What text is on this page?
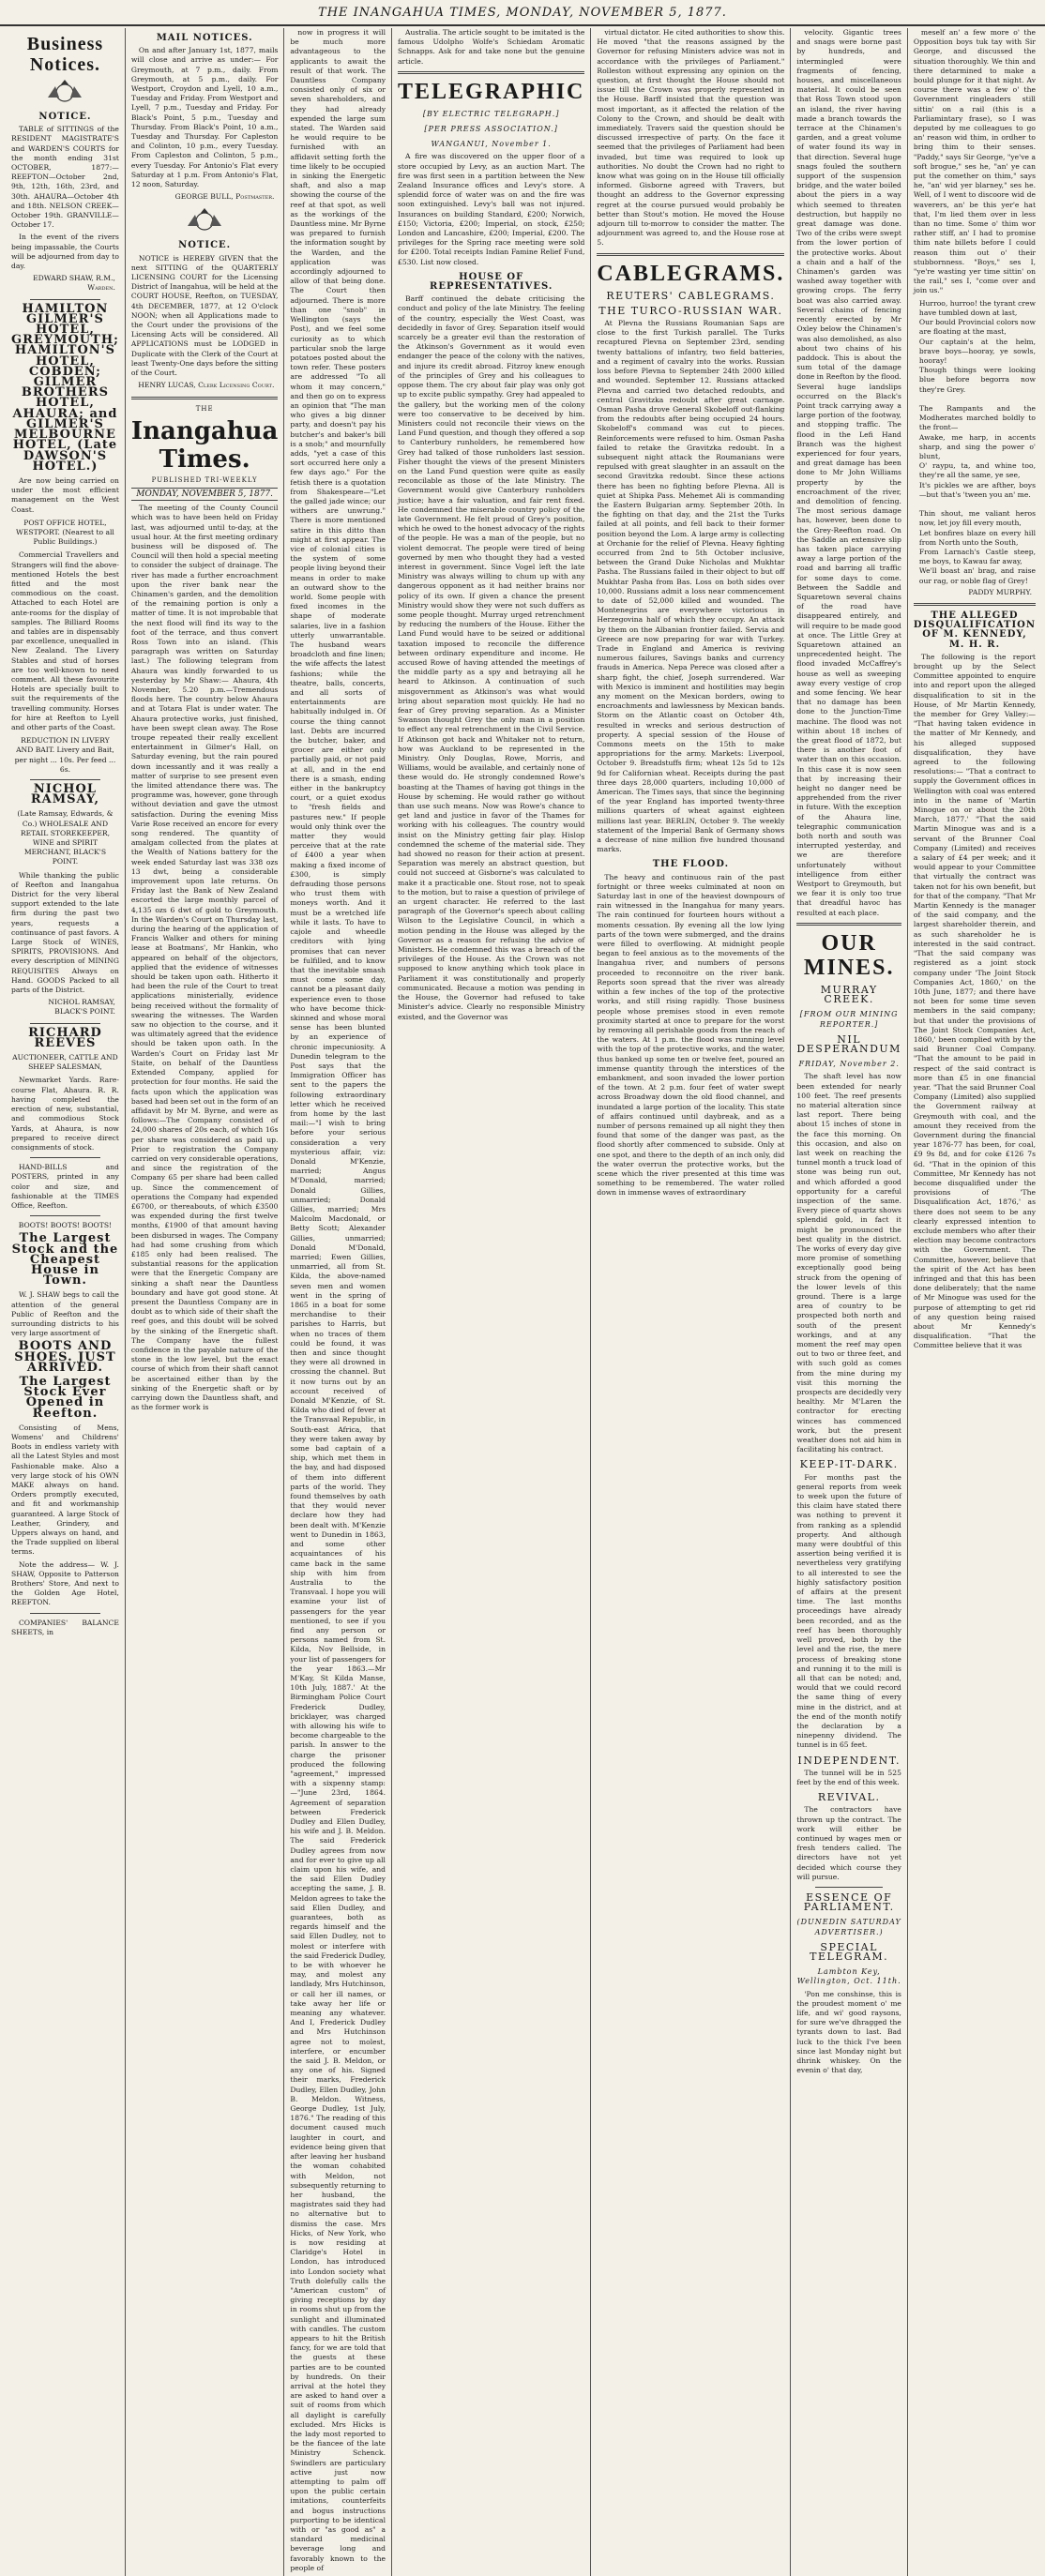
THE INANGAHUA TIMES, MONDAY, NOVEMBER 5, 1877.
Business Notices.
NOTICE.

TABLE of SITTINGS of the RESIDENT MAGISTRATE'S and WARDEN'S COURTS for the month ending 31st OCTOBER, 1877:— REEFTON—October 2nd, 9th, 12th, 16th, 23rd, and 30th. AHAURA—October 4th and 18th. NELSON CREEK—October 19th. GRANVILLE—October 17.

In the event of the rivers being impassable, the Courts will be adjourned from day to day.

EDWARD SHAW, R.M., Warden.

HAMILTON GILMER'S HOTEL, GREYMOUTH; HAMILTON'S HOTEL, COBDEN; GILMER BROTHERS HOTEL, AHAURA; and GILMER'S MELBOURNE HOTEL, (Late DAWSON'S HOTEL.)

Are now being carried on under the most efficient management on the West Coast.

POST OFFICE HOTEL, WESTPORT. (Nearest to all Public Buildings.)

Commercial Travellers and Strangers will find the above-mentioned Hotels the best fitted and the most commodious on the coast. Attached to each Hotel are ante-rooms for the display of samples. The Billiard Rooms and tables are in dispensably par excellence, unequalled in New Zealand. The Livery Stables and stud of horses are too well-known to need comment. All these favourite Hotels are specially built to suit the requirements of the travelling community. Horses for hire at Reefton to Lyell and other parts of the Coast.

REDUCTION IN LIVERY AND BAIT. Livery and Bait, per night ... 10s. Per feed ... 6s.

NICHOL RAMSAY,

(Late Ramsay, Edwards, & Co.) WHOLESALE AND RETAIL STOREKEEPER, WINE and SPIRIT MERCHANT, BLACK'S POINT.

While thanking the public of Reefton and Inangahua District for the very liberal support extended to the late firm during the past two years, requests a continuance of past favors. A Large Stock of WINES, SPIRITS, PROVISIONS. And every description of MINING REQUISITES Always on Hand. GOODS Packed to all parts of the District.

NICHOL RAMSAY, BLACK'S POINT.

RICHARD REEVES

AUCTIONEER, CATTLE AND SHEEP SALESMAN,

Newmarket Yards. Rare-course Flat, Ahaura. R. R. having completed the erection of new, substantial, and commodious Stock Yards, at Ahaura, is now prepared to receive direct consignments of stock.

HAND-BILLS and POSTERS, printed in any color and size, and fashionable at the TIMES Office, Reefton.

BOOTS! BOOTS! BOOTS!

The Largest Stock and the Cheapest House in Town.

W. J. SHAW begs to call the attention of the general Public of Reefton and the surrounding districts to his very large assortment of

BOOTS AND SHOES. JUST ARRIVED.

The Largest Stock Ever Opened in Reefton.

Consisting of Mens, Womens' and Childrens' Boots in endless variety with all the Latest Styles and most Fashionable make. Also a very large stock of his OWN MAKE always on hand. Orders promptly executed, and fit and workmanship guaranteed. A large Stock of Leather, Grindery, and Uppers always on hand, and the Trade supplied on liberal terms.

Note the address— W. J. SHAW, Opposite to Patterson Brothers' Store, And next to the Golden Age Hotel, REEFTON.

COMPANIES' BALANCE SHEETS, in

MAIL NOTICES.

On and after January 1st, 1877, mails will close and arrive as under:— For Greymouth, at 7 p.m., daily. From Greymouth, at 5 p.m., daily. For Westport, Croydon and Lyell, 10 a.m., Tuesday and Friday. From Westport and Lyell, 7 p.m., Tuesday and Friday. For Black's Point, 5 p.m., Tuesday and Thursday. From Black's Point, 10 a.m., Tuesday and Thursday. For Capleston and Colinton, 10 p.m., every Tuesday. From Capleston and Colinton, 5 p.m., every Tuesday. For Antonio's Flat every Saturday at 1 p.m. From Antonio's Flat, 12 noon, Saturday.

GEORGE BULL, Postmaster.

NOTICE.

NOTICE is HEREBY GIVEN that the next SITTING of the QUARTERLY LICENSING COURT for the Licensing District of Inangahua, will be held at the COURT HOUSE, Reefton, on TUESDAY, 4th DECEMBER, 1877, at 12 O'clock NOON; when all Applications made to the Court under the provisions of the Licensing Acts will be considered. All APPLICATIONS must be LODGED in Duplicate with the Clerk of the Court at least Twenty-One days before the sitting of the Court.

HENRY LUCAS, Clerk Licensing Court.

THE
Inangahua Times.
PUBLISHED TRI-WEEKLY
MONDAY, NOVEMBER 5, 1877.

The meeting of the County Council which was to have been held on Friday last, was adjourned until to-day, at the usual hour. At the first meeting ordinary business will be disposed of. The Council will then hold a special meeting to consider the subject of drainage. The river has made a further encroachment upon the river bank near the Chinamen's garden, and the demolition of the remaining portion is only a matter of time. It is not improbable that the next flood will find its way to the foot of the terrace, and thus convert Ross Town into an island. (This paragraph was written on Saturday last.) The following telegram from Ahaura was kindly forwarded to us yesterday by Mr Shaw:— Ahaura, 4th November, 5.20 p.m.—Tremendous floods here. The country below Ahaura and at Totara Flat is under water. The Ahaura protective works, just finished, have been swept clean away. The Rose troupe repeated their really excellent entertainment in Gilmer's Hall, on Saturday evening, but the rain poured down incessantly and it was really a matter of surprise to see present even the limited attendance there was. The programme was, however, gone through without deviation and gave the utmost satisfaction. During the evening Miss Varie Rose received an encore for every song rendered. The quantity of amalgam collected from the plates at the Wealth of Nations battery for the week ended Saturday last was 338 ozs 13 dwt, being a considerable improvement upon late returns. On Friday last the Bank of New Zealand escorted the large monthly parcel of 4,135 ozs 6 dwt of gold to Greymouth. In the Warden's Court on Thursday last, during the hearing of the application of Francis Walker and others for mining lease at Boatmans', Mr Hankin, who appeared on behalf of the objectors, applied that the evidence of witnesses should be taken upon oath. Hitherto it had been the rule of the Court to treat applications ministerially, evidence being received without the formality of swearing the witnesses. The Warden saw no objection to the course, and it was ultimately agreed that the evidence should be taken upon oath. In the Warden's Court on Friday last Mr Staite, on behalf of the Dauntless Extended Company, applied for protection for four months. He said the facts upon which the application was based had been set out in the form of an affidavit by Mr M. Byrne, and were as follows:—The Company consisted of 24,000 shares of 20s each, of which 16s per share was considered as paid up. Prior to registration the Company carried on very considerable operations, and since the registration of the Company 65 per share had been called up. Since the commencement of operations the Company had expended £6700, or thereabouts, of which £3500 was expended during the first twelve months, £1900 of that amount having been disbursed in wages. The Company had had some crushing from which £185 only had been realised. The substantial reasons for the application were that the Energetic Company are sinking a shaft near the Dauntless boundary and have got good stone. At present the Dauntless Company are in doubt as to which side of their shaft the reef goes, and this doubt will be solved by the sinking of the Energetic shaft. The Company have the fullest confidence in the payable nature of the stone in the low level, but the exact course of which from their shaft cannot be ascertained either than by the sinking of the Energetic shaft or by carrying down the Dauntless shaft, and as the former work is

now in progress it will be much more advantageous to the applicants to await the result of that work. The Dauntless Company consisted only of six or seven shareholders, and they had already expended the large sum stated. The Warden said he would require to be furnished with an affidavit setting forth the time likely to be occupied in sinking the Energetic shaft, and also a map showing the course of the reef at that spot, as well as the workings of the Dauntless mine. Mr Byrne was prepared to furnish the information sought by the Warden, and the application was accordingly adjourned to allow of that being done. The Court then adjourned. There is more than one "snob" in Wellington (says the Post), and we feel some curiosity as to which particular snob the large potatoes posted about the town refer. These posters are addressed "To all whom it may concern," and then go on to express an opinion that "The man who gives a big dinner party, and doesn't pay his butcher's and baker's bill is a snob;" and mournfully adds, "yet a case of this sort occurred here only a few days ago." For the fetish there is a quotation from Shakespeare—"Let the galled jade wince; our withers are unwrung." There is more mentioned satire in this ditto than might at first appear. The vice of colonial cities is the system of some people living beyond their means in order to make an outward show to the world. Some people with fixed incomes in the shape of moderate salaries, live in a fashion utterly unwarrantable. The husband wears broadcloth and fine linen; the wife affects the latest fashions; while the theatre, balls, concerts, and all sorts of entertainments are habitually indulged in. Of course the thing cannot last. Debts are incurred the butcher, baker, and grocer are either only partially paid, or not paid at all, and in the end there is a smash, ending either in the bankruptcy court, or a quiet exodus to "fresh fields and pastures new." If people would only think over the matter they would perceive that at the rate of £400 a year when making a fixed income of £300, is simply defrauding those persons who trust them with moneys worth. And it must be a wretched life while it lasts. To have to cajole and wheedle creditors with lying promises that can never be fulfilled, and to know that the inevitable smash must come some day, cannot be a pleasant daily experience even to those who have become thick-skinned and whose moral sense has been blunted by an experience of chronic impecuniosity. A Dunedin telegram to the Post says that the Immigration Officer has sent to the papers the following extraordinary letter which he received from home by the last mail:—"I wish to bring before your serious consideration a very mysterious affair, viz: Donald M'Kenzie, married; Angus M'Donald, married; Donald Gillies, unmarried; Donald Gillies, married; Mrs Malcolm Macdonald, or Betty Scott; Alexander Gillies, unmarried; Donald M'Donald, married; Ewen Gillies, unmarried, all from St. Kilda, the above-named seven men and women went in the spring of 1865 in a boat for some merchandise to their parishes to Harris, but when no traces of them could be found, it was then and since thought they were all drowned in crossing the channel. But it now turns out by an account received of Donald M'Kenzie, of St. Kilda who died of fever at the Transvaal Republic, in South-east Africa, that they were taken away by some bad captain of a ship, which met them in the bay, and had disposed of them into different parts of the world. They found themselves by oath that they would never declare how they had been dealt with. M'Kenzie went to Dunedin in 1863, and some other acquaintances of his came back in the same ship with him from Australia to the Transvaal. I hope you will examine your list of passengers for the year mentioned, to see if you find any person or persons named from St. Kilda, Nov Bellside, in your list of passengers for the year 1863.—Mr M'Kay, St Kilda Manse, 10th July, 1887.' At the Birmingham Police Court Frederick Dudley, bricklayer, was charged with allowing his wife to become chargeable to the parish. In answer to the charge the prisoner produced the following "agreement," impressed with a sixpenny stamp:—"June 23rd, 1864. Agreement of separation between Frederick Dudley and Ellen Dudley, his wife and J. B. Meldon. The said Frederick Dudley agrees from now and for ever to give up all claim upon his wife, and the said Ellen Dudley accepting the same, J. B. Meldon agrees to take the said Ellen Dudley, and guarantees, both as regards himself and the said Ellen Dudley, not to molest or interfere with the said Frederick Dudley, to be with whoever he may, and molest any landlady, Mrs Hutchinson, or call her ill names, or take away her life or meaning any whatever. And I, Frederick Dudley and Mrs Hutchinson agree not to molest, interfere, or encumber the said J. B. Meldon, or any one of his. Signed their marks, Frederick Dudley, Ellen Dudley, John B. Meldon. Witness, George Dudley, 1st July, 1876." The reading of this document caused much laughter in court, and evidence being given that after leaving her husband the woman cohabited with Meldon, not subsequently returning to her husband, the magistrates said they had no alternative but to dismiss the case. Mrs Hicks, of New York, who is now residing at Claridge's Hotel in London, has introduced into London society what Truth dolefully calls the "American custom" of giving receptions by day in rooms shut up from the sunlight and illuminated with candles. The custom appears to hit the British fancy, for we are told that the guests at these parties are to be counted by hundreds. On their arrival at the hotel they are asked to hand over a suit of rooms from which all daylight is carefully excluded. Mrs Hicks is the lady most reported to be the fiancee of the late Ministry Schenck. Swindlers are particulary active just now attempting to palm off upon the public certain imitations, counterfeits and bogus instructions purporting to be identical with or "as good as" a standard medicinal beverage long and favorably known to the people of

Australia. The article sought to be imitated is the famous Udolpho Wolfe's Schiedam Aromatic Schnapps. Ask for and take none but the genuine article.

TELEGRAPHIC
[BY ELECTRIC TELEGRAPH.]
[PER PRESS ASSOCIATION.]
WANGANUI, November 1.

A fire was discovered on the upper floor of a store occupied by Levy, as an auction Mart. The fire was first seen in a partition between the New Zealand Insurance offices and Levy's store. A splendid force of water was on and the fire was soon extinguished. Levy's ball was not injured. Insurances on building Standard, £200; Norwich, £150; Victoria, £200; Imperial, on stock, £250; London and Lancashire, £200; Imperial, £200. The privileges for the Spring race meeting were sold for £200. Total receipts Indian Famine Relief Fund, £530. List now closed.

HOUSE OF REPRESENTATIVES.

Barff continued the debate criticising the conduct and policy of the late Ministry. The feeling of the country, especially the West Coast, was decidedly in favor of Grey. Separation itself would scarcely be a greater evil than the restoration of the Atkinson's Government as it would even endanger the peace of the colony with the natives, and injure its credit abroad. Fitzroy knew enough of the principles of Grey and his colleagues to oppose them. The cry about fair play was only got up to excite public sympathy. Grey had appealed to the gallery, but the working men of the colony were too conservative to be deceived by him. Ministers could not reconcile their views on the Land Fund question, and though they offered a sop to Canterbury runholders, he remembered how Grey had talked of those runholders last session. Fisher thought the views of the present Ministers on the Land Fund question were quite as easily reconcilable as those of the late Ministry. The Government would give Canterbury runholders justice; have a fair valuation, and fair rent fixed. He condemned the miserable country policy of the late Government. He felt proud of Grey's position, which he owed to the honest advocacy of the rights of the people. He was a man of the people, but no violent democrat. The people were tired of being governed by men who thought they had a vested interest in government. Since Vogel left the late Ministry was always willing to chum up with any dangerous opponent as it had neither brains nor policy of its own. If given a chance the present Ministry would show they were not such duffers as some people thought. Murray urged retrenchment by reducing the numbers of the House. Either the Land Fund would have to be seized or additional taxation imposed to reconcile the difference between ordinary expenditure and income. He accused Rowe of having attended the meetings of the middle party as a spy and betraying all he heard to Atkinson. A continuation of such misgovernment as Atkinson's was what would bring about separation most quickly. He had no fear of Grey proving separation. As a Minister Swanson thought Grey the only man in a position to effect any real retrenchment in the Civil Service. If Atkinson got back and Whitaker not to return, how was Auckland to be represented in the Ministry. Only Douglas, Rowe, Morris, and Williams, would be available, and certainly none of these would do. He strongly condemned Rowe's boasting at the Thames of having got things in the House by scheming. He would rather go without than use such means. Now was Rowe's chance to get land and justice in favor of the Thames for working with his colleagues. The country would insist on the Ministry getting fair play. Hislop condemned the scheme of the material side. They had showed no reason for their action at present. Separation was merely an abstract question, but could not succeed at Gisborne's was calculated to make it a practicable one. Stout rose, not to speak to the motion, but to raise a question of privilege of an urgent character. He referred to the last paragraph of the Governor's speech about calling Wilson to the Legislative Council, in which a motion pending in the House was alleged by the Governor as a reason for refusing the advice of Ministers. He condemned this was a breach of the privileges of the House. As the Crown was not supposed to know anything which took place in Parliament it was constitutionally and properly communicated. Because a motion was pending in the House, the Governor had refused to take Minister's advice. Clearly no responsible Ministry existed, and the Governor was

virtual dictator. He cited authorities to show this. He moved "that the reasons assigned by the Governor for refusing Ministers advice was not in accordance with the privileges of Parliament." Rolleston without expressing any opinion on the question, at first thought the House should not issue till the Crown was properly represented in the House. Barff insisted that the question was most important, as it affected the relation of the Colony to the Crown, and should be dealt with immediately. Travers said the question should be discussed irrespective of party. On the face it seemed that the privileges of Parliament had been invaded, but time was required to look up authorities. No doubt the Crown had no right to know what was going on in the House till officially informed. Gisborne agreed with Travers, but thought an address to the Governor expressing regret at the course pursued would probably be better than Stout's motion. He moved the House adjourn till to-morrow to consider the matter. The adjournment was agreed to, and the House rose at 5.

CABLEGRAMS.
REUTERS' CABLEGRAMS.
THE TURCO-RUSSIAN WAR.

At Plevna the Russians Roumanian Saps are close to the first Turkish parallel. The Turks recaptured Plevna on September 23rd, sending twenty battalions of infantry, two field batteries, and a regiment of cavalry into the works. Russian loss before Plevna to September 24th 2000 killed and wounded. September 12. Russians attacked Plevna and carried two detached redoubts, and central Gravitzka redoubt after great carnage. Osman Pasha drove General Skobeloff out-flanking from the redoubts after being occupied 24 hours. Skobeloff's command was cut to pieces. Reinforcements were refused to him. Osman Pasha failed to retake the Gravitzka redoubt. In a subsequent night attack the Roumanians were repulsed with great slaughter in an assault on the second Gravitzka redoubt. Since these actions there has been no fighting before Plevna. All is quiet at Shipka Pass. Mehemet Ali is commanding the Eastern Bulgarian army. September 20th. In the fighting on that day, and the 21st the Turks failed at all points, and fell back to their former position beyond the Lom. A large army is collecting at Orchanie for the relief of Plevna. Heavy fighting occurred from 2nd to 5th October inclusive, between the Grand Duke Nicholas and Mukhtar Pasha. The Russians failed in their object to but off Mukhtar Pasha from Bas. Loss on both sides over 10,000. Russians admit a loss near commencement to date of 52,000 killed and wounded. The Montenegrins are everywhere victorious in Herzegovina half of which they occupy. An attack by them on the Albanian frontier failed. Servia and Greece are now preparing for war with Turkey. Trade in England and America is reviving numerous failures, Savings banks and currency frauds in America. Nepa Perece was closed after a sharp fight, the chief, Joseph surrendered. War with Mexico is imminent and hostilities may begin any moment on the Mexican borders, owing to encroachments and lawlessness by Mexican bands. Storm on the Atlantic coast on October 4th, resulted in wrecks and serious destruction of property. A special session of the House of Commons meets on the 15th to make appropriations for the army. Markets: Liverpool, October 9. Breadstuffs firm; wheat 12s 5d to 12s 9d for Californian wheat. Receipts during the past three days 28,000 quarters, including 10,000 of American. The Times says, that since the beginning of the year England has imported twenty-three millions quarters of wheat against eighteen millions last year. BERLIN, October 9. The weekly statement of the Imperial Bank of Germany shows a decrease of nine million five hundred thousand marks.

THE FLOOD.

The heavy and continuous rain of the past fortnight or three weeks culminated at noon on Saturday last in one of the heaviest downpours of rain witnessed in the Inangahua for many years. The rain continued for fourteen hours without a moments cessation. By evening all the low lying parts of the town were submerged, and the drains were filled to overflowing. At midnight people began to feel anxious as to the movements of the Inangahua river, and numbers of persons proceeded to reconnoitre on the river bank. Reports soon spread that the river was already within a few inches of the top of the protective works, and still rising rapidly. Those business people whose premises stood in even remote proximity started at once to prepare for the worst by removing all perishable goods from the reach of the waters. At 1 p.m. the flood was running level with the top of the protective works, and the water, thus banked up some ten or twelve feet, poured an immense quantity through the interstices of the embankment, and soon invaded the lower portion of the town. At 2 p.m. four feet of water swept across Broadway down the old flood channel, and inundated a large portion of the locality. This state of affairs continued until daybreak, and as a number of persons remained up all night they then found that some of the danger was past, as the flood shortly after commenced to subside. Only at one spot, and there to the depth of an inch only, did the water overrun the protective works, but the scene which the river presented at this time was something to be remembered. The water rolled down in immense waves of extraordinary

velocity. Gigantic trees and snags were borne past by hundreds, and intermingled were fragments of fencing, houses, and miscellaneous material. It could be seen that Ross Town stood upon an island, the river having made a branch towards the terrace at the Chinamen's garden, and a great volume of water found its way in that direction. Several huge snags fouled the southern support of the suspension bridge, and the water boiled about the piers in a way which seemed to threaten destruction, but happily no great damage was done. Two of the cribs were swept from the lower portion of the protective works. About a chain and a half of the Chinamen's garden was washed away together with growing crops. The ferry boat was also carried away. Several chains of fencing recently erected by Mr Oxley below the Chinamen's was also demolished, as also about two chains of his paddock. This is about the sum total of the damage done in Reefton by the flood. Several huge landslips occurred on the Black's Point track carrying away a large portion of the footway, and stopping traffic. The flood in the Lefi Hand Branch was the highest experienced for four years, and great damage has been done to Mr John Williams property by the encroachment of the river, and demolition of fencing. The most serious damage has, however, been done to the Grey-Reefton road. On the Saddle an extensive slip has taken place carrying away a large portion of the road and barring all traffic for some days to come. Between the Saddle and Squaretown several chains of the road have disappeared entirely, and will require to be made good at once. The Little Grey at Squaretown attained an unprecedented height. The flood invaded McCaffrey's house as well as sweeping away every vestige of crop and some fencing. We hear that no damage has been done to the Junction-Time machine. The flood was not within about 18 inches of the great flood of 1872, but there is another foot of water than on this occasion. In this case it is now seen that by increasing their height no danger need be apprehended from the river in future. With the exception of the Ahaura line, telegraphic communication both north and south was interrupted yesterday, and we are therefore unfortunately without intelligence from either Westport to Greymouth, but we fear it is only too true that dreadful havoc has resulted at each place.

OUR MINES.
MURRAY CREEK.
[FROM OUR MINING REPORTER.]
NIL DESPERANDUM
FRIDAY, November 2.

The shaft level has now been extended for nearly 100 feet. The reef presents no material alteration since last report. There being about 15 inches of stone in the face this morning. On this occasion, and also on last week on reaching the tunnel month a truck load of stone was being run out, and which afforded a good opportunity for a careful inspection of the same. Every piece of quartz shows splendid gold, in fact it might be pronounced the best quality in the district. The works of every day give more promise of something exceptionally good being struck from the opening of the lower levels of this ground. There is a large area of country to be prospected both north and south of the present workings, and at any moment the reef may open out to two or three feet, and with such gold as comes from the mine during my visit this morning the prospects are decidedly very healthy. Mr M'Laren the contractor for erecting winces has commenced work, but the present weather does not aid him in facilitating his contract.

KEEP-IT-DARK.

For months past the general reports from week to week upon the future of this claim have stated there was nothing to prevent it from ranking as a splendid property. And although many were doubtful of this assertion being verified it is nevertheless very gratifying to all interested to see the highly satisfactory position of affairs at the present time. The last months proceedings have already been recorded, and as the reef has been thoroughly well proved, both by the level and the rise, the mere process of breaking stone and running it to the mill is all that can be noted; and, would that we could record the same thing of every mine in the district, and at the end of the month notify the declaration by a ninepenny dividend. The tunnel is in 65 feet.

INDEPENDENT.

The tunnel will be in 525 feet by the end of this week.

REVIVAL.

The contractors have thrown up the contract. The work will either be continued by wages men or fresh tenders called. The directors have not yet decided which course they will pursue.

ESSENCE OF PARLIAMENT.
(DUNEDIN SATURDAY ADVERTISER.)
SPECIAL TELEGRAM.
Lambton Key, Wellington, Oct. 11th.

'Pon me conshinse, this is the proudest moment o' me life, and wi' good raysons, for sure we've dhragged the tyrants down to last. Bad luck to the thick I've been since last Monday night but dhrink whiskey. On the evenin o' that day,

meself an' a few more o' the Opposition boys tuk tay with Sir George, and discussed the situation thoroughly. We thin and there detarmined to make a bould plunge for it that night. Av course there was a few o' the Government ringleaders still sittin' on a rail (this is a Parliamintary frase), so I was deputed by me colleagues to go an' reason wid thim, in ordher to bring thim to their senses. "Paddy," says Sir George, "ye've a soft brogue," ses he, "an' ye can put the comether on thim," says he, "an' wid yer blarney," ses he. Well, of I went to discoore wid de waverers, an' be this yer'e hat that, I'm lied them over in less than no time. Some o' thim wor rather stiff, an' I had to promise thim nate billets before I could reason thim out o' their stubbornness. "Boys," ses I, "ye're wasting yer time sittin' on the rail," ses I, "come over and join us."

Hurroo, hurroo! the tyrant crew have tumbled down at last,
Our bould Provincial colors now are floating at the mast,
Our captain's at the helm, brave boys—hooray, ye sowls, hooray!
Though things were looking blue before begorra now they're Grey.

The Rampants and the Modherates marched boldly to the front—
Awake, me harp, in accents sharp, and sing the power o' blunt,
O' raypu, ta, and whine too, they're all the same, ye see,
It's pickles we are afther, boys—but that's 'tween you an' me.

Thin shout, me valiant heros now, let joy fill every mouth,
Let bonfires blaze on every hill from North unto the South,
From Larnach's Castle steep, me boys, to Kawau far away,
We'll boast an' brag, and raise our rag, or noble flag of Grey!

PADDY MURPHY.

THE ALLEGED DISQUALIFICATION OF M. KENNEDY, M. H. R.

The following is the report brought up by the Select Committee appointed to enquire into and report upon the alleged disqualification to sit in the House, of Mr Martin Kennedy, the member for Grey Valley:— "That having taken evidence in the matter of Mr Kennedy, and his alleged supposed disqualification, they have agreed to the following resolutions:— "That a contract to supply the Government offices in Wellington with coal was entered into in the name of 'Martin Minogue on or about the 20th March, 1877.' "That the said Martin Minogue was and is a servant of the Brunner Coal Company (Limited) and receives a salary of £4 per week; and it would appear to your Committee that virtually the contract was taken not for his own benefit, but for that of the company. "That Mr Martin Kennedy is the manager of the said company, and the largest shareholder therein, and as such shareholder he is interested in the said contract. "That the said company was registered as a joint stock company under 'The Joint Stock Companies Act, 1860,' on the 10th June, 1877; and there have not been for some time seven members in the said company; but that under the provisions of The Joint Stock Companies Act, 1860,' been complied with by the said Brunner Coal Company. "That the amount to be paid in respect of the said contract is more than £5 in one financial year. "That the said Brunner Coal Company (Limited) also supplied the Government railway at Greymouth with coal, and the amount they received from the Government during the financial year 1876-77 has been, for coal, £9 9s 8d, and for coke £126 7s 6d. "That in the opinion of this Committee, Mr Kennedy has not become disqualified under the provisions of 'The Disqualification Act, 1876,' as there does not seem to be any clearly expressed intention to exclude members who after their election may become contractors with the Government. The Committee, however, believe that the spirit of the Act has been infringed and that this has been done deliberately; that the name of Mr Minogue was used for the purpose of attempting to get rid of any question being raised about Mr Kennedy's disqualification. "That the Committee believe that it was
